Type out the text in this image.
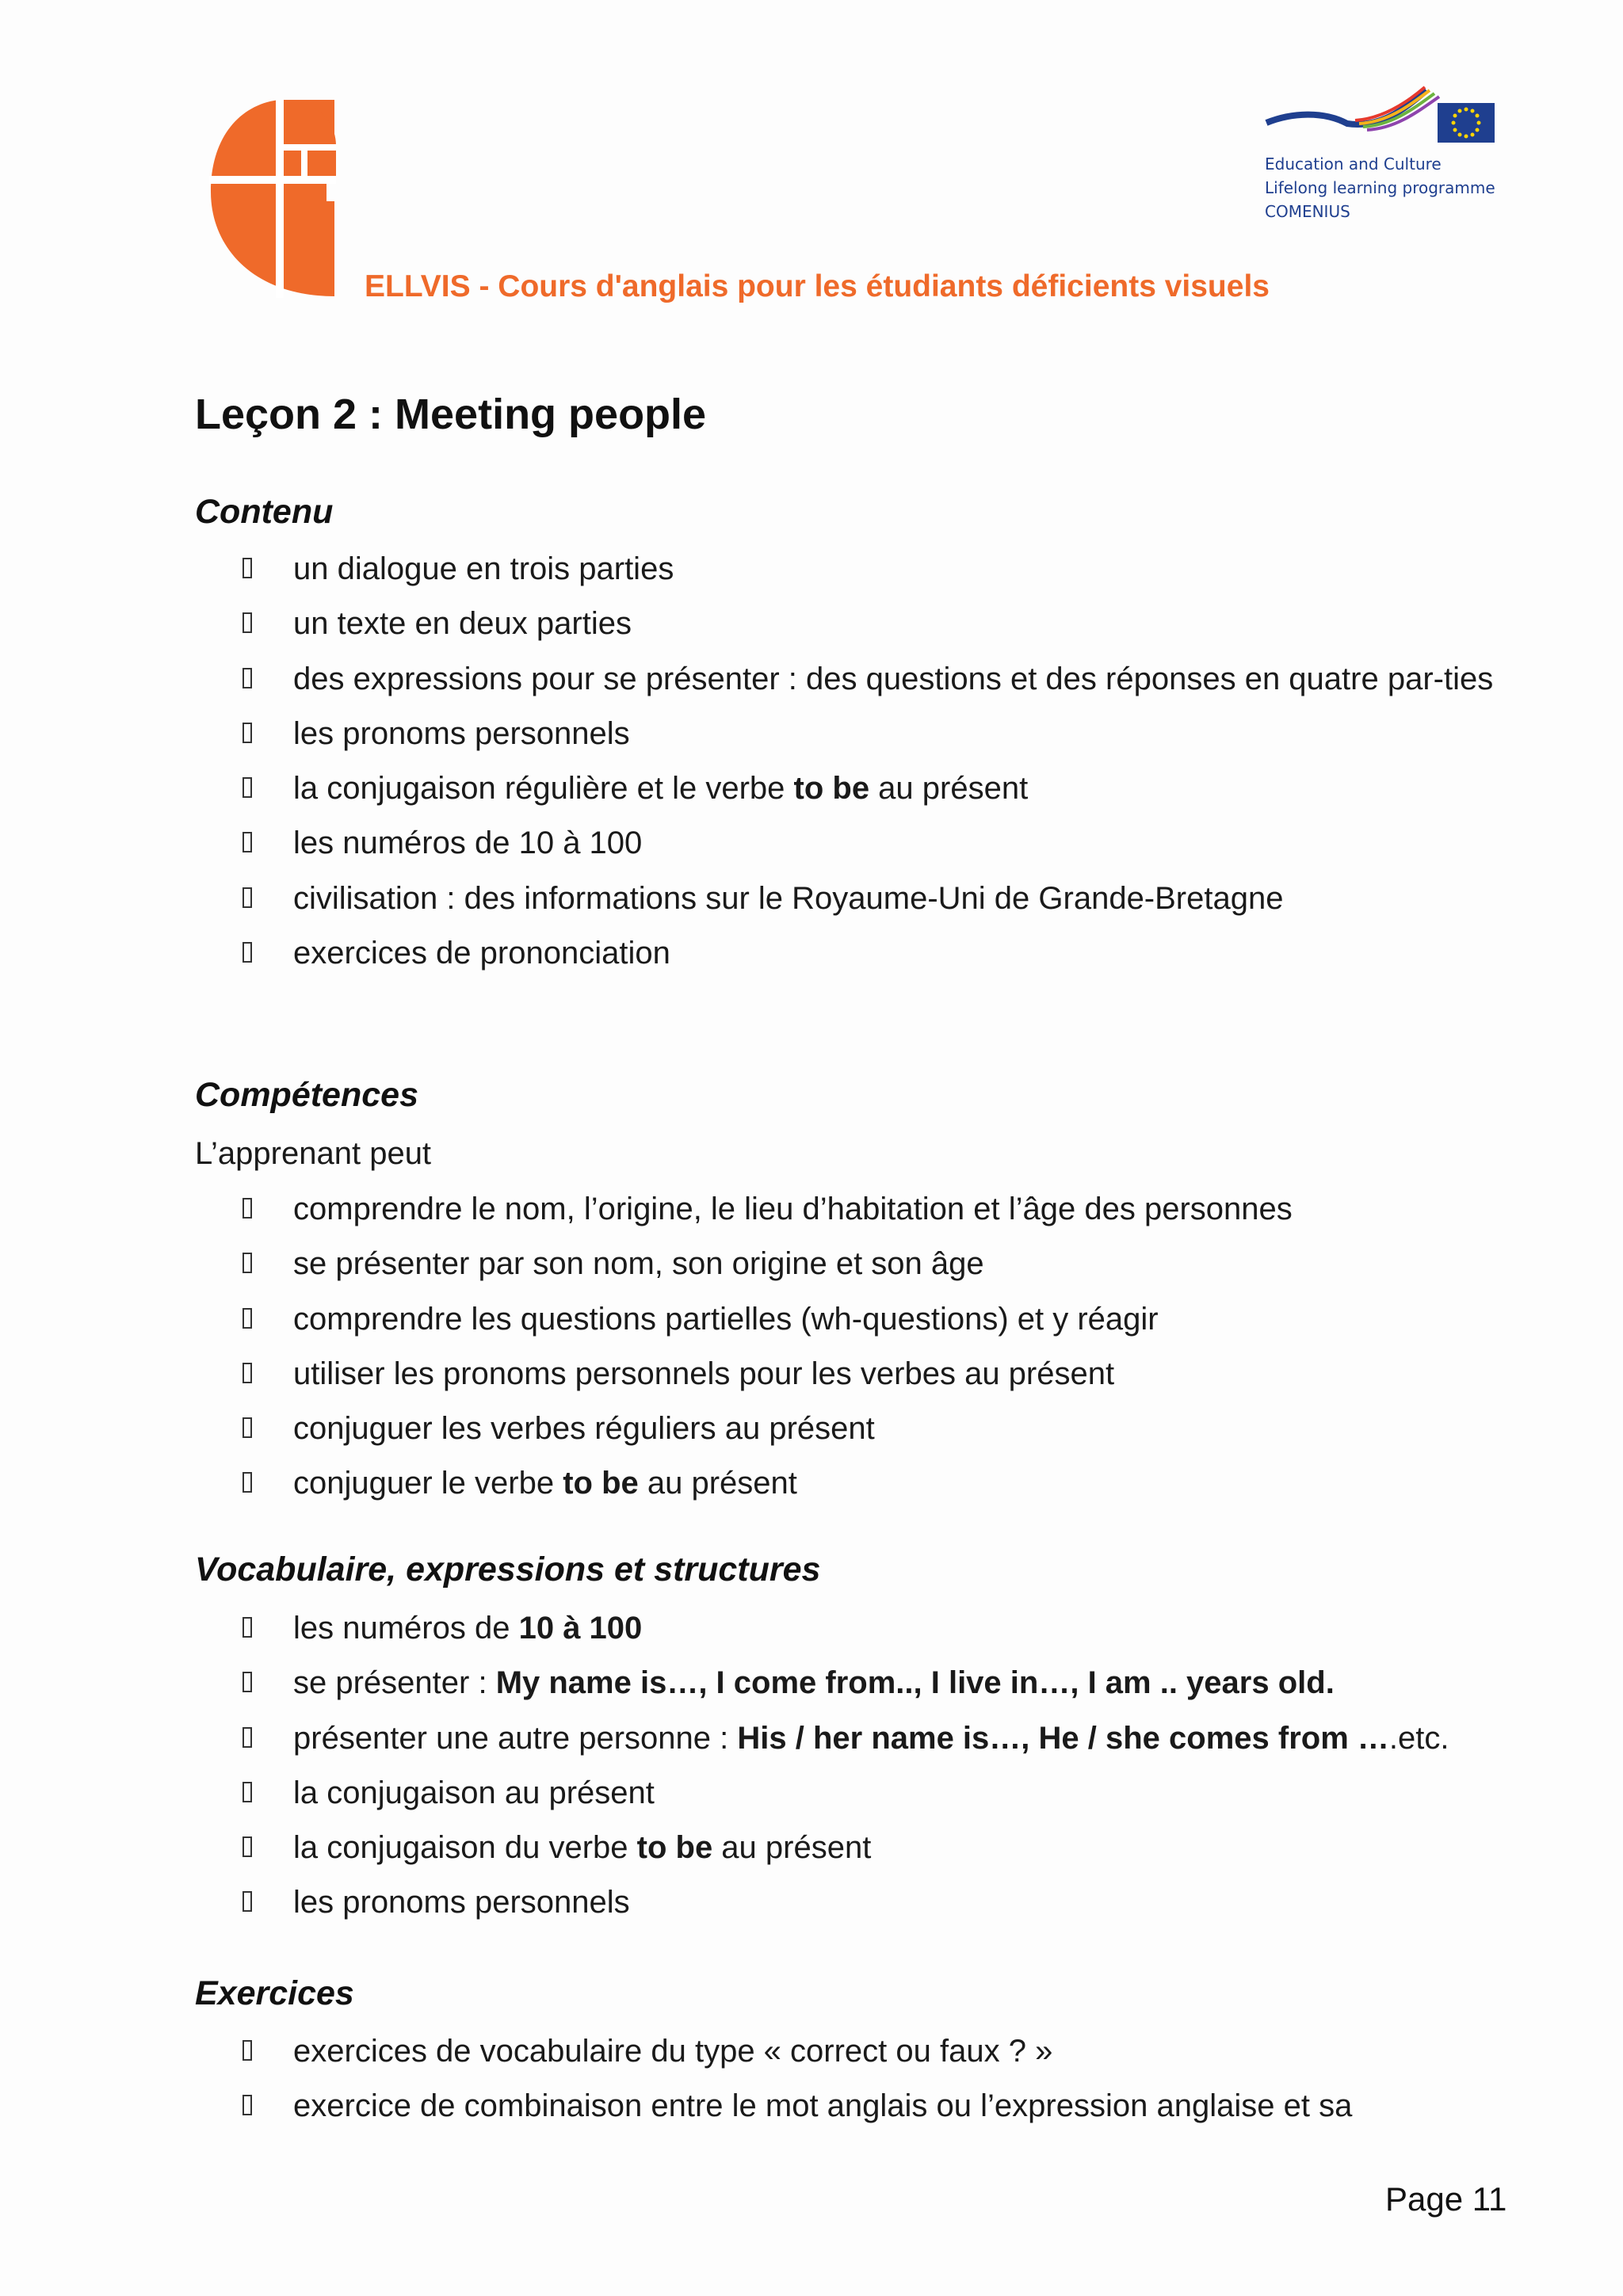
Education and Culture
Lifelong learning programme
COMENIUS
ELLVIS - Cours d'anglais pour les étudiants déficients visuels
Leçon 2 : Meeting people
Contenu
un dialogue en trois parties
un texte en deux parties
des expressions pour se présenter : des questions et des réponses en quatre par-ties
les pronoms personnels
la conjugaison régulière et le verbe to be au présent
les numéros de 10 à 100
civilisation : des informations sur le Royaume-Uni de Grande-Bretagne
exercices de prononciation
Compétences
L’apprenant peut
comprendre le nom, l’origine, le lieu d’habitation et l’âge des personnes
se présenter par son nom, son origine et son âge
comprendre les questions partielles (wh-questions) et y réagir
utiliser les pronoms personnels pour les verbes au présent
conjuguer les verbes réguliers au présent
conjuguer le verbe to be au présent
Vocabulaire, expressions et structures
les numéros de 10 à 100
se présenter : My name is…, I come from.., I live in…, I am .. years old.
présenter une autre personne : His / her name is…, He / she comes from ….etc.
la conjugaison au présent
la conjugaison du verbe to be au présent
les pronoms personnels
Exercices
exercices de vocabulaire du type « correct ou faux ? »
exercice de combinaison entre le mot anglais ou l’expression anglaise et sa
Page 11
